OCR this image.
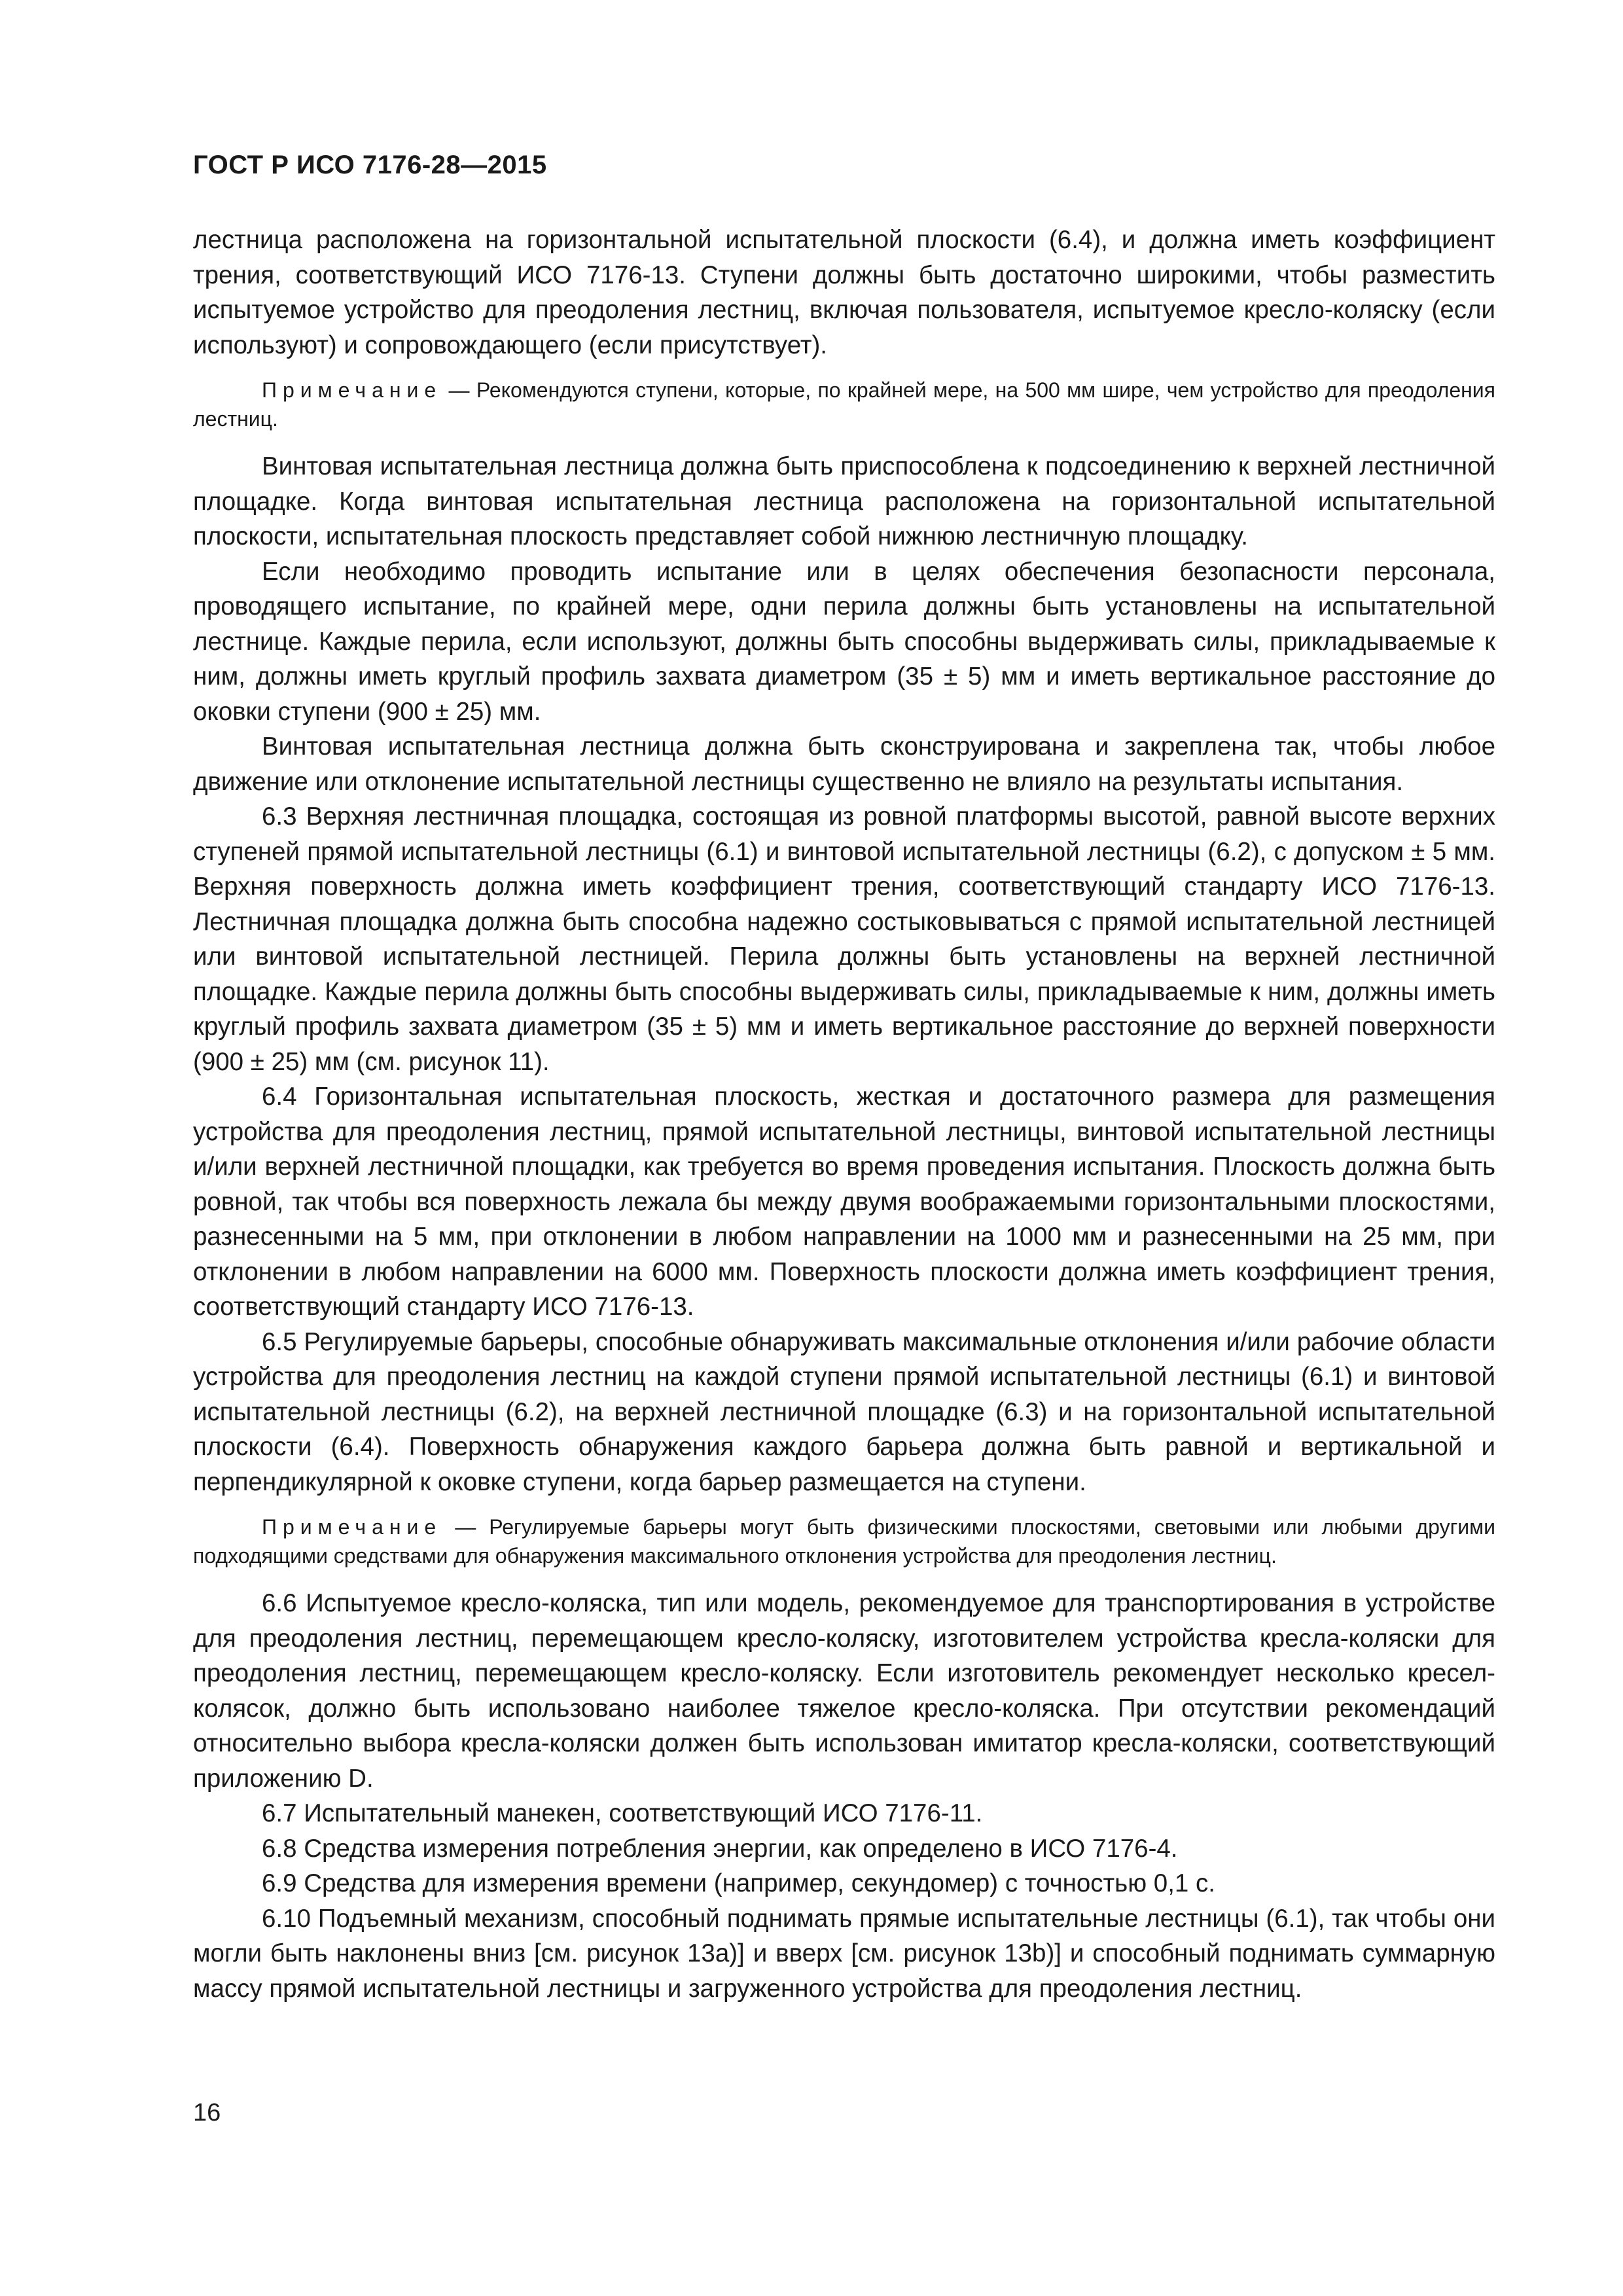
ГОСТ Р ИСО 7176-28—2015

лестница расположена на горизонтальной испытательной плоскости (6.4), и должна иметь коэффициент трения, соответствующий ИСО 7176-13. Ступени должны быть достаточно широкими, чтобы разместить испытуемое устройство для преодоления лестниц, включая пользователя, испытуемое кресло-коляску (если используют) и сопровождающего (если присутствует).

Примечание — Рекомендуются ступени, которые, по крайней мере, на 500 мм шире, чем устройство для преодоления лестниц.

Винтовая испытательная лестница должна быть приспособлена к подсоединению к верхней лестничной площадке. Когда винтовая испытательная лестница расположена на горизонтальной испытательной плоскости, испытательная плоскость представляет собой нижнюю лестничную площадку.

Если необходимо проводить испытание или в целях обеспечения безопасности персонала, проводящего испытание, по крайней мере, одни перила должны быть установлены на испытательной лестнице. Каждые перила, если используют, должны быть способны выдерживать силы, прикладываемые к ним, должны иметь круглый профиль захвата диаметром (35 ± 5) мм и иметь вертикальное расстояние до оковки ступени (900 ± 25) мм.

Винтовая испытательная лестница должна быть сконструирована и закреплена так, чтобы любое движение или отклонение испытательной лестницы существенно не влияло на результаты испытания.

6.3 Верхняя лестничная площадка, состоящая из ровной платформы высотой, равной высоте верхних ступеней прямой испытательной лестницы (6.1) и винтовой испытательной лестницы (6.2), с допуском ± 5 мм. Верхняя поверхность должна иметь коэффициент трения, соответствующий стандарту ИСО 7176-13. Лестничная площадка должна быть способна надежно состыковываться с прямой испытательной лестницей или винтовой испытательной лестницей. Перила должны быть установлены на верхней лестничной площадке. Каждые перила должны быть способны выдерживать силы, прикладываемые к ним, должны иметь круглый профиль захвата диаметром (35 ± 5) мм и иметь вертикальное расстояние до верхней поверхности (900 ± 25) мм (см. рисунок 11).

6.4 Горизонтальная испытательная плоскость, жесткая и достаточного размера для размещения устройства для преодоления лестниц, прямой испытательной лестницы, винтовой испытательной лестницы и/или верхней лестничной площадки, как требуется во время проведения испытания. Плоскость должна быть ровной, так чтобы вся поверхность лежала бы между двумя воображаемыми горизонтальными плоскостями, разнесенными на 5 мм, при отклонении в любом направлении на 1000 мм и разнесенными на 25 мм, при отклонении в любом направлении на 6000 мм. Поверхность плоскости должна иметь коэффициент трения, соответствующий стандарту ИСО 7176-13.

6.5 Регулируемые барьеры, способные обнаруживать максимальные отклонения и/или рабочие области устройства для преодоления лестниц на каждой ступени прямой испытательной лестницы (6.1) и винтовой испытательной лестницы (6.2), на верхней лестничной площадке (6.3) и на горизонтальной испытательной плоскости (6.4). Поверхность обнаружения каждого барьера должна быть равной и вертикальной и перпендикулярной к оковке ступени, когда барьер размещается на ступени.

Примечание — Регулируемые барьеры могут быть физическими плоскостями, световыми или любыми другими подходящими средствами для обнаружения максимального отклонения устройства для преодоления лестниц.

6.6 Испытуемое кресло-коляска, тип или модель, рекомендуемое для транспортирования в устройстве для преодоления лестниц, перемещающем кресло-коляску, изготовителем устройства кресла-коляски для преодоления лестниц, перемещающем кресло-коляску. Если изготовитель рекомендует несколько кресел-колясок, должно быть использовано наиболее тяжелое кресло-коляска. При отсутствии рекомендаций относительно выбора кресла-коляски должен быть использован имитатор кресла-коляски, соответствующий приложению D.

6.7 Испытательный манекен, соответствующий ИСО 7176-11.

6.8 Средства измерения потребления энергии, как определено в ИСО 7176-4.

6.9 Средства для измерения времени (например, секундомер) с точностью 0,1 с.

6.10 Подъемный механизм, способный поднимать прямые испытательные лестницы (6.1), так чтобы они могли быть наклонены вниз [см. рисунок 13а)] и вверх [см. рисунок 13b)] и способный поднимать суммарную массу прямой испытательной лестницы и загруженного устройства для преодоления лестниц.

16
